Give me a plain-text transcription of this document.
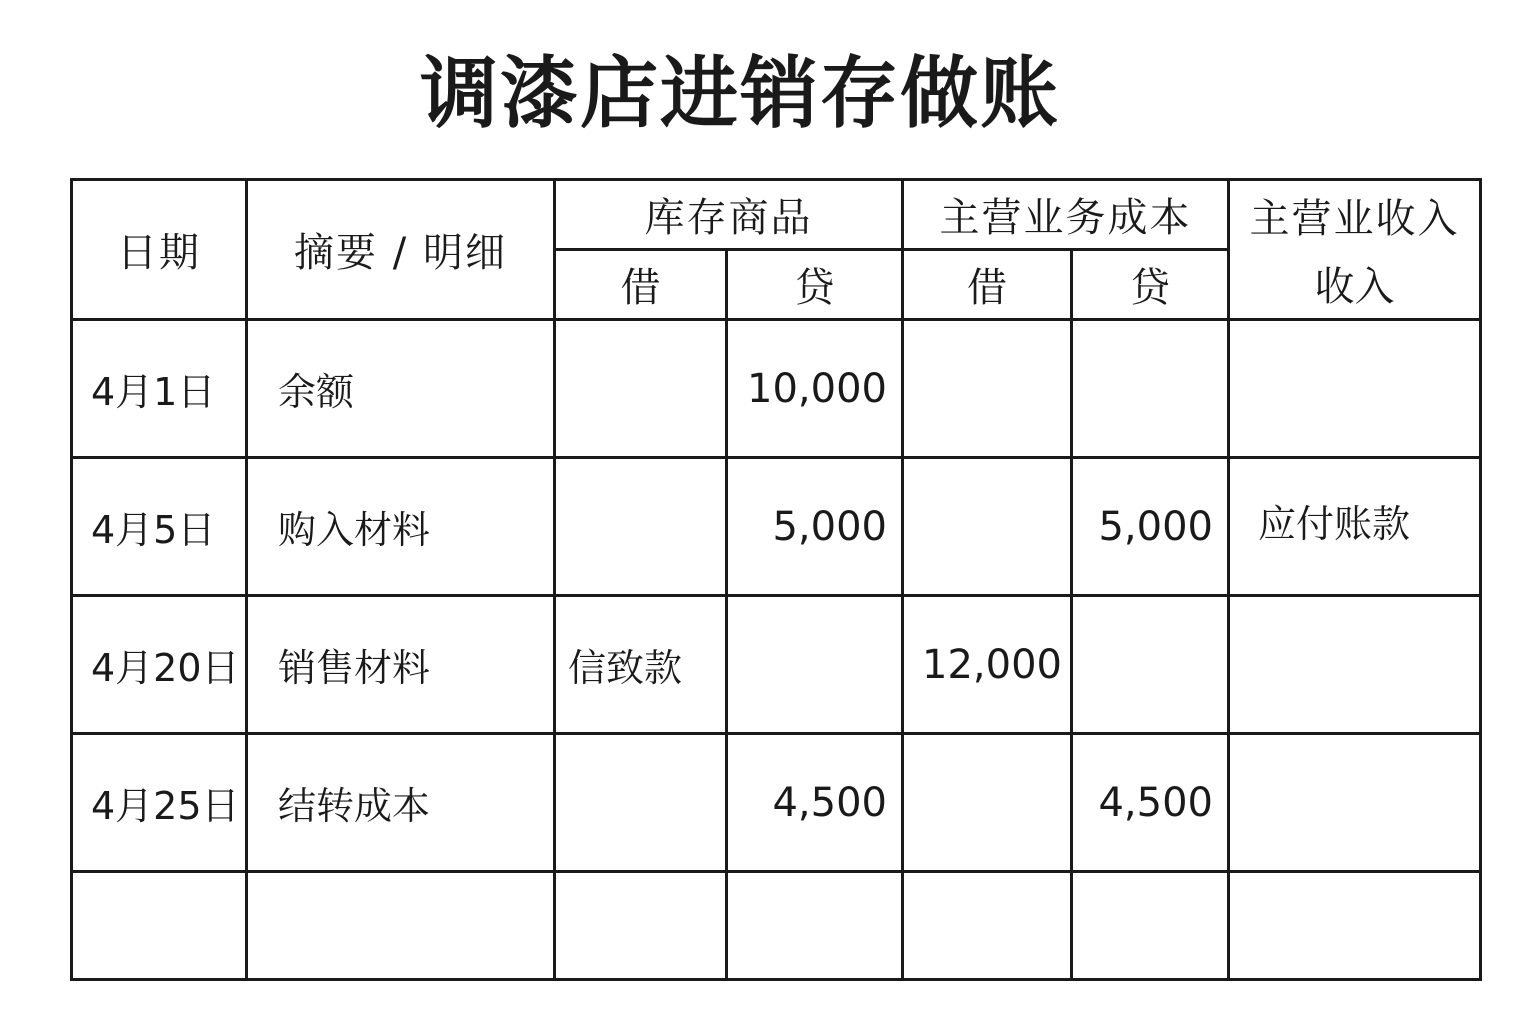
调漆店进销存做账
日期	摘要 / 明细	库存商品		主营业务成本		主营业收入
		借	贷	借	贷	收入
4月1日	余额		10,000			
4月5日	购入材料		5,000		5,000	应付账款
4月20日	销售材料	信致款		12,000		
4月25日	结转成本		4,500		4,500	
